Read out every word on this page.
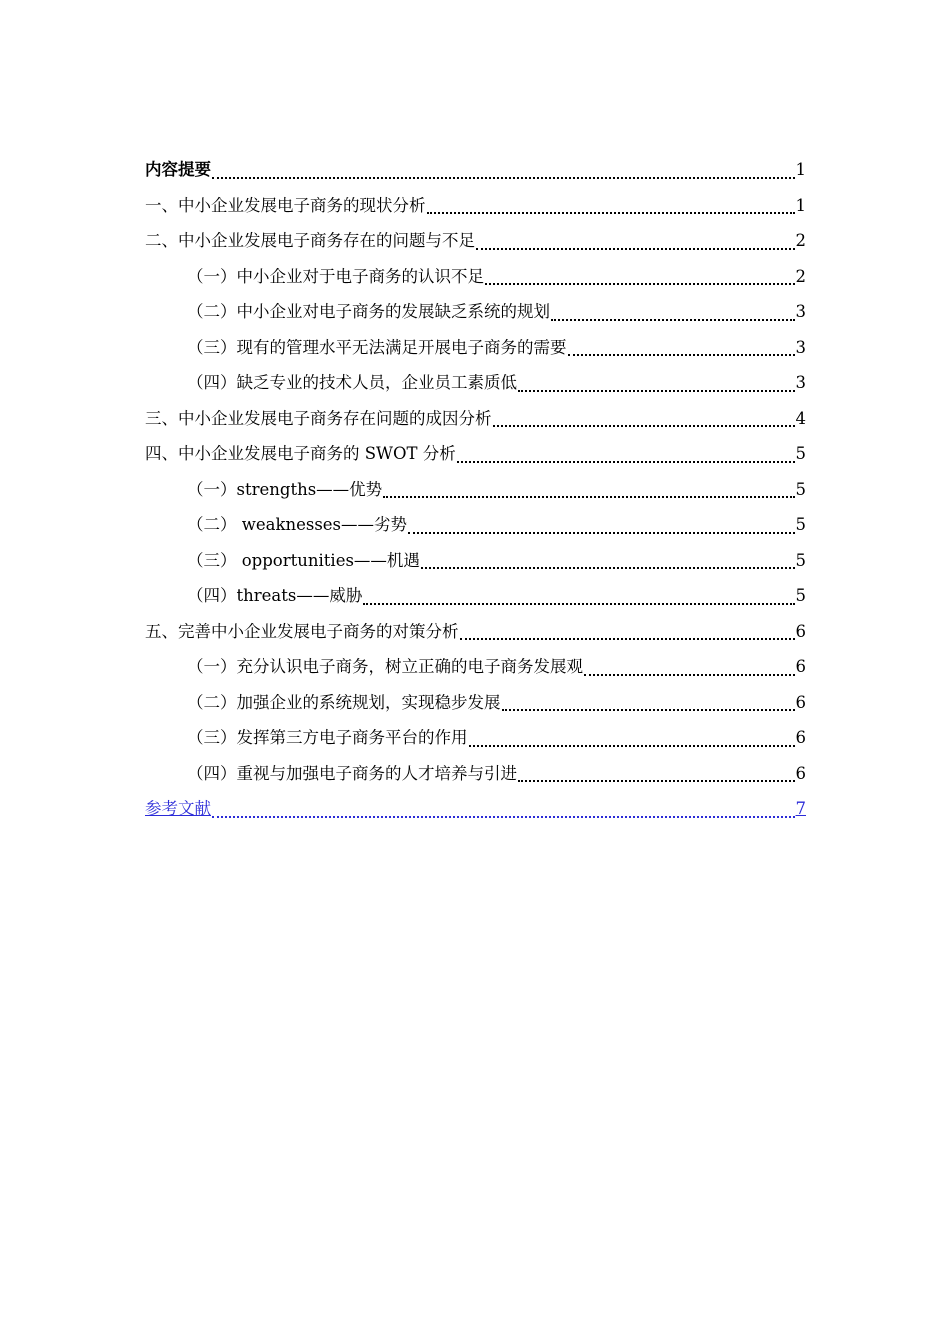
内容提要	1
一、中小企业发展电子商务的现状分析	1
二、中小企业发展电子商务存在的问题与不足	2
（一）中小企业对于电子商务的认识不足	2
（二）中小企业对电子商务的发展缺乏系统的规划	3
（三）现有的管理水平无法满足开展电子商务的需要	3
（四）缺乏专业的技术人员，企业员工素质低	3
三、中小企业发展电子商务存在问题的成因分析	4
四、中小企业发展电子商务的 SWOT 分析	5
（一）strengths——优势	5
（二） weaknesses——劣势	5
（三） opportunities——机遇	5
（四）threats——威胁	5
五、完善中小企业发展电子商务的对策分析	6
（一）充分认识电子商务，树立正确的电子商务发展观	6
（二）加强企业的系统规划，实现稳步发展	6
（三）发挥第三方电子商务平台的作用	6
（四）重视与加强电子商务的人才培养与引进	6
参考文献	7
